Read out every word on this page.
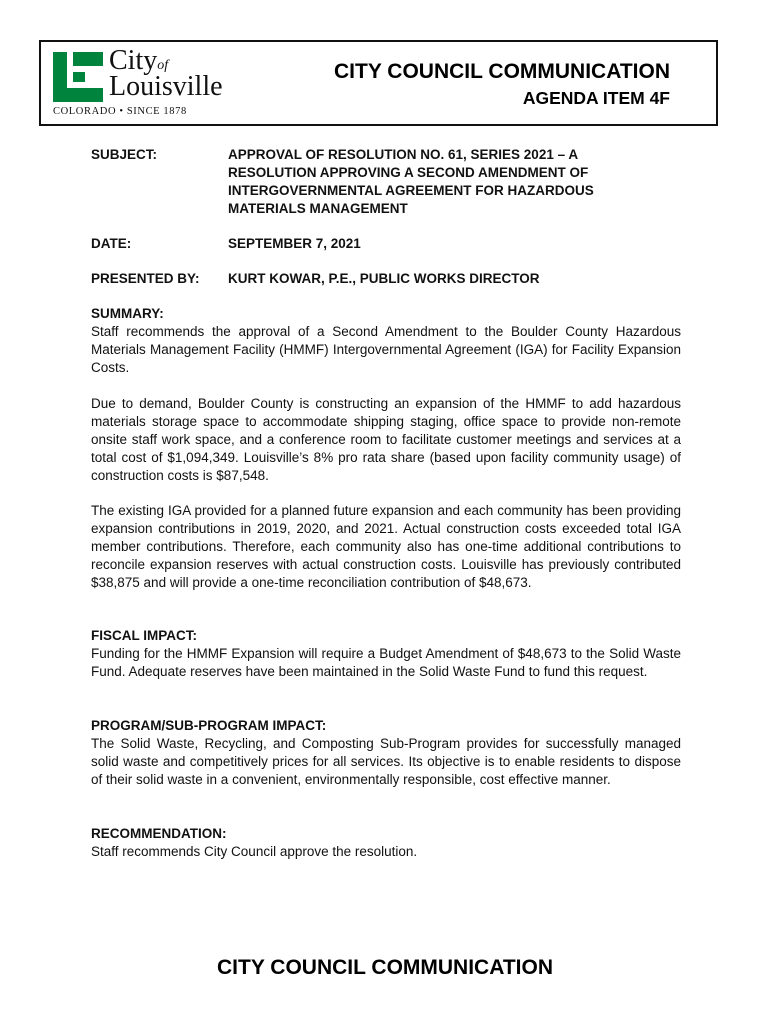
Cityof
Louisville
COLORADO • SINCE 1878
CITY COUNCIL COMMUNICATION
AGENDA ITEM 4F
SUBJECT:	APPROVAL OF RESOLUTION NO. 61, SERIES 2021 – A RESOLUTION APPROVING A SECOND AMENDMENT OF INTERGOVERNMENTAL AGREEMENT FOR HAZARDOUS MATERIALS MANAGEMENT
DATE:	SEPTEMBER 7, 2021
PRESENTED BY: KURT KOWAR, P.E., PUBLIC WORKS DIRECTOR
SUMMARY:
Staff recommends the approval of a Second Amendment to the Boulder County Hazardous Materials Management Facility (HMMF) Intergovernmental Agreement (IGA) for Facility Expansion Costs.
Due to demand, Boulder County is constructing an expansion of the HMMF to add hazardous materials storage space to accommodate shipping staging, office space to provide non-remote onsite staff work space, and a conference room to facilitate customer meetings and services at a total cost of $1,094,349. Louisville’s 8% pro rata share (based upon facility community usage) of construction costs is $87,548.
The existing IGA provided for a planned future expansion and each community has been providing expansion contributions in 2019, 2020, and 2021. Actual construction costs exceeded total IGA member contributions. Therefore, each community also has one-time additional contributions to reconcile expansion reserves with actual construction costs. Louisville has previously contributed $38,875 and will provide a one-time reconciliation contribution of $48,673.
FISCAL IMPACT:
Funding for the HMMF Expansion will require a Budget Amendment of $48,673 to the Solid Waste Fund. Adequate reserves have been maintained in the Solid Waste Fund to fund this request.
PROGRAM/SUB-PROGRAM IMPACT:
The Solid Waste, Recycling, and Composting Sub-Program provides for successfully managed solid waste and competitively prices for all services. Its objective is to enable residents to dispose of their solid waste in a convenient, environmentally responsible, cost effective manner.
RECOMMENDATION:
Staff recommends City Council approve the resolution.
CITY COUNCIL COMMUNICATION
